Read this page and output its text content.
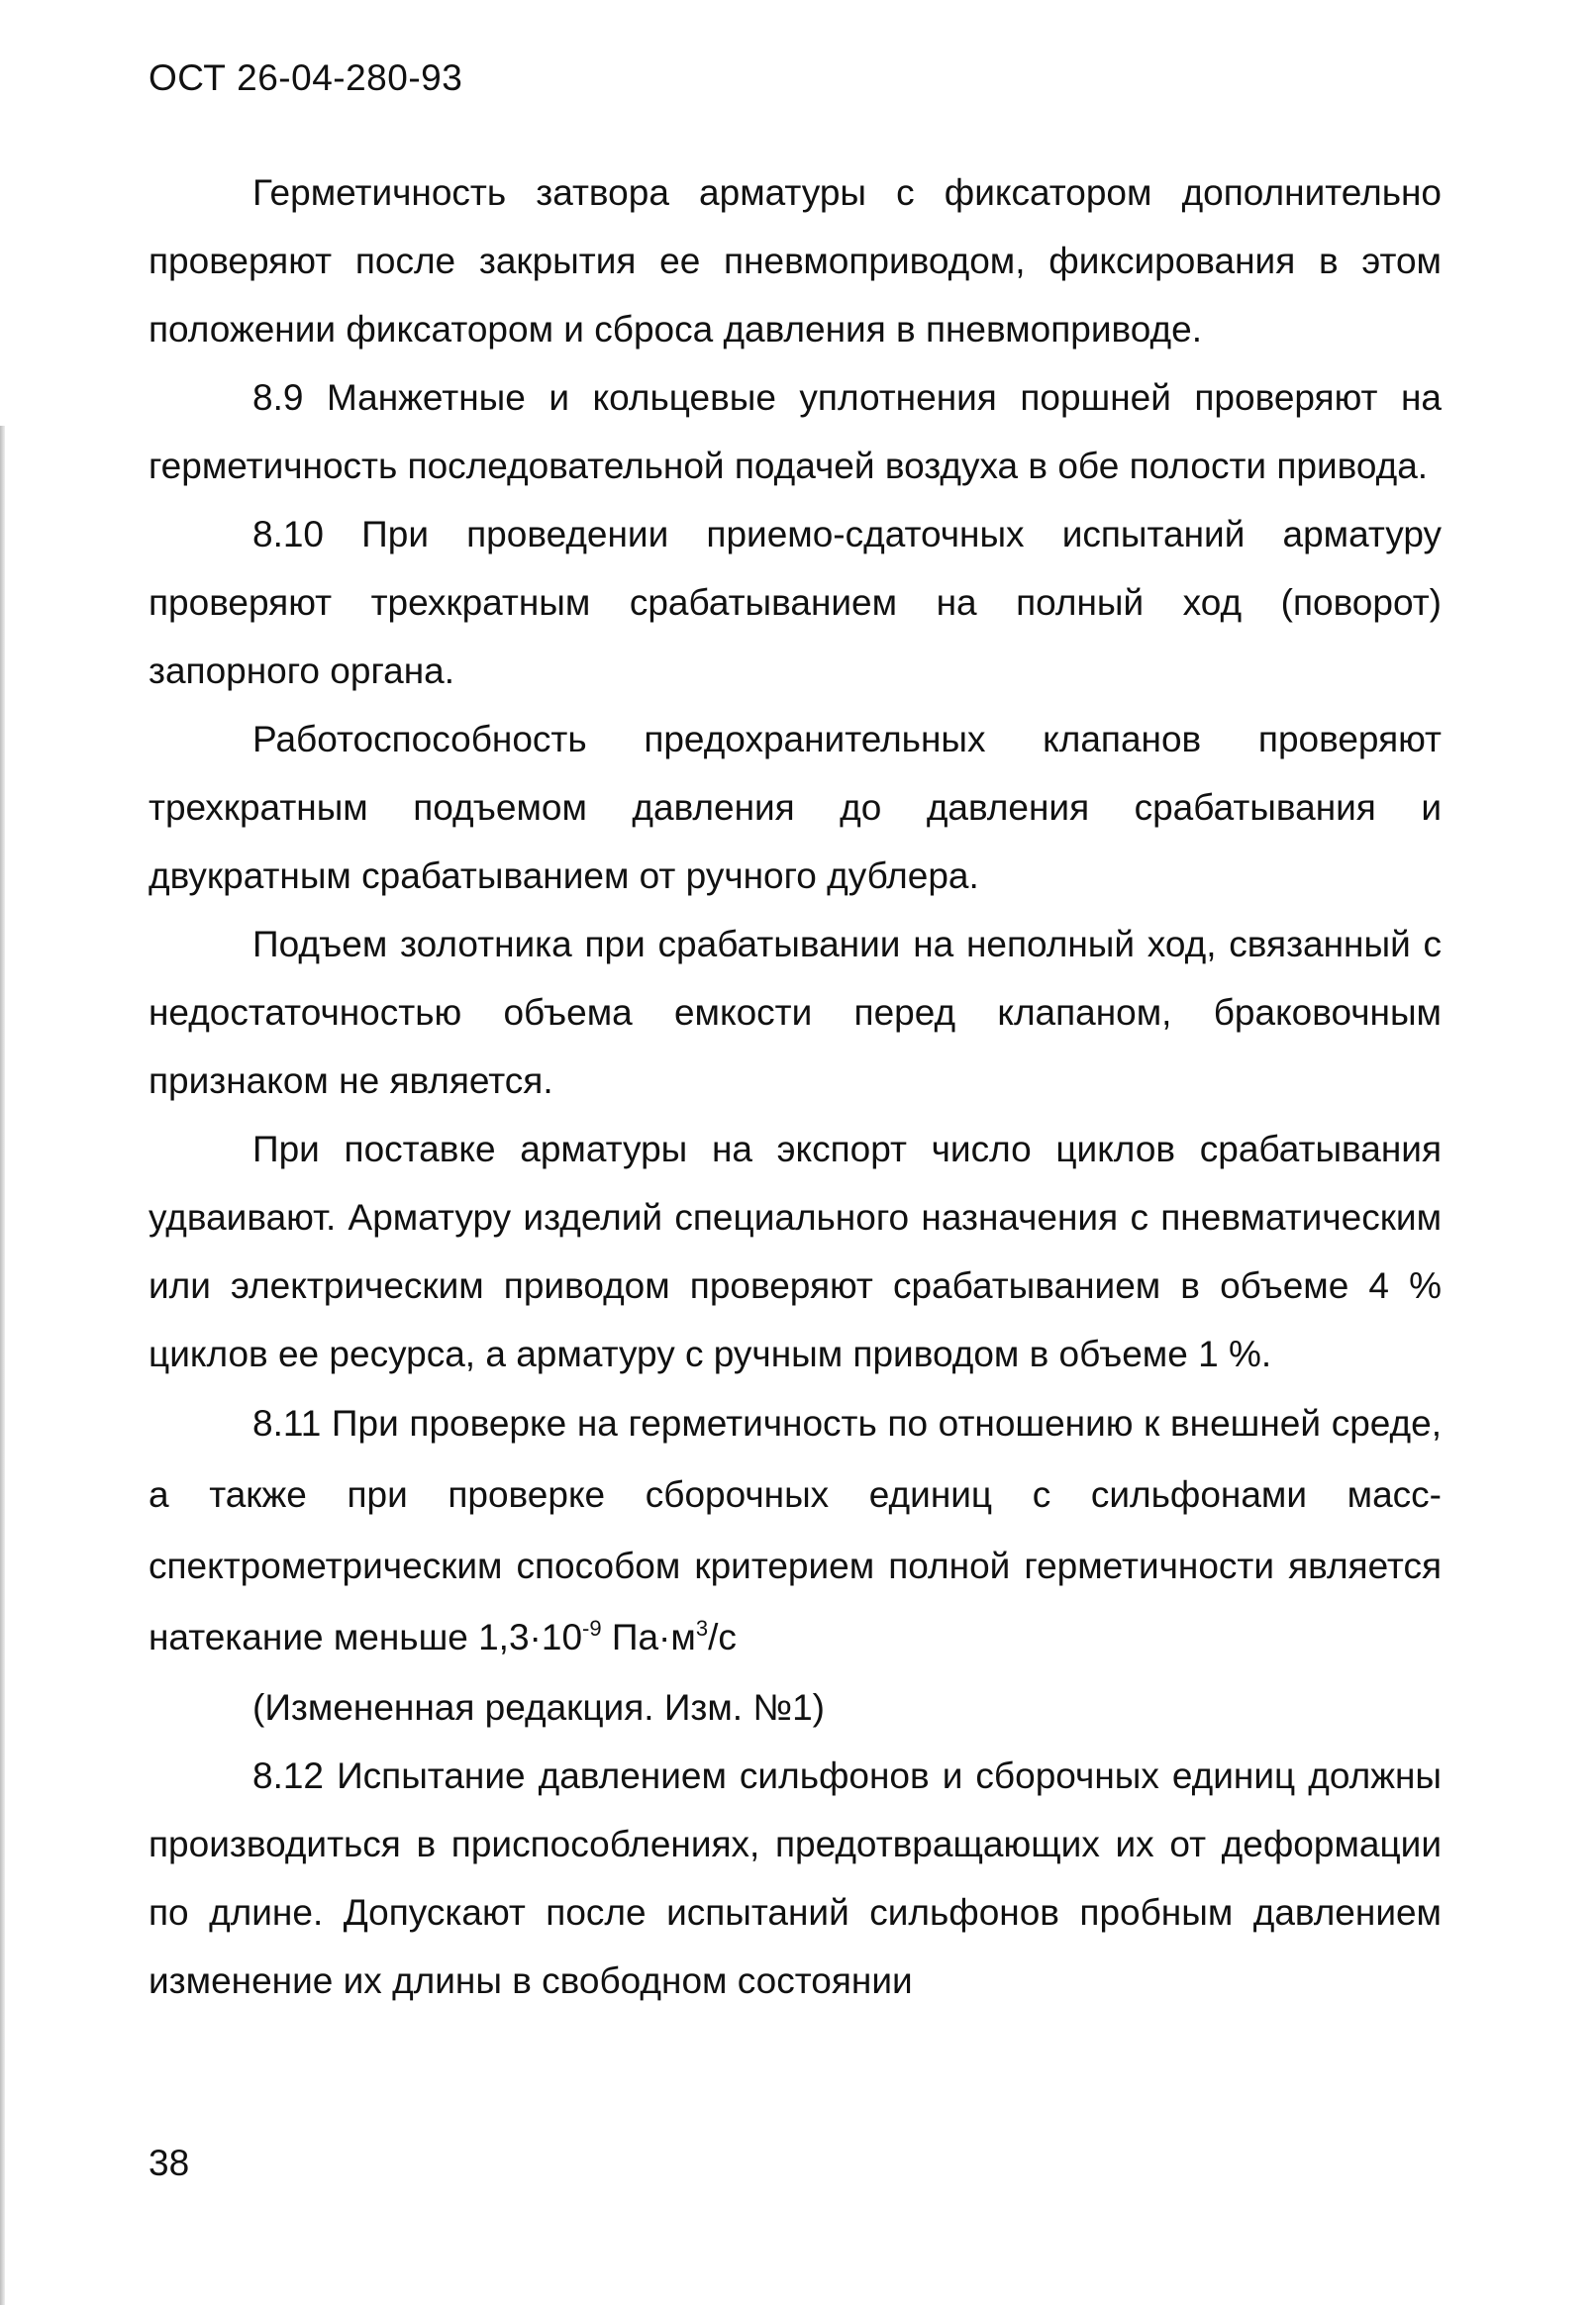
ОСТ 26-04-280-93

Герметичность затвора арматуры с фиксатором дополнительно проверяют после закрытия ее пневмоприводом, фиксирования в этом положении фиксатором и сброса давления в пневмоприводе.

8.9 Манжетные и кольцевые уплотнения поршней проверяют на герметичность последовательной подачей воздуха в обе полости привода.

8.10 При проведении приемо-сдаточных испытаний арматуру проверяют трехкратным срабатыванием на полный ход (поворот) запорного органа.

Работоспособность предохранительных клапанов проверяют трехкратным подъемом давления до давления срабатывания и двукратным срабатыванием от ручного дублера.

Подъем золотника при срабатывании на неполный ход, связанный с недостаточностью объема емкости перед клапаном, браковочным признаком не является.

При поставке арматуры на экспорт число циклов срабатывания удваивают. Арматуру изделий специального назначения с пневматическим или электрическим приводом проверяют срабатыванием в объеме 4 % циклов ее ресурса, а арматуру с ручным приводом в объеме 1 %.

8.11 При проверке на герметичность по отношению к внешней среде, а также при проверке сборочных единиц с сильфонами масс-спектрометрическим способом критерием полной герметичности является натекание меньше $1,3\cdot 10^{-9}$ $Па\cdot м^3/с$

(Измененная редакция. Изм. №1)

8.12 Испытание давлением сильфонов и сборочных единиц должны производиться в приспособлениях, предотвращающих их от деформации по длине. Допускают после испытаний сильфонов пробным давлением изменение их длины в свободном состоянии

38
